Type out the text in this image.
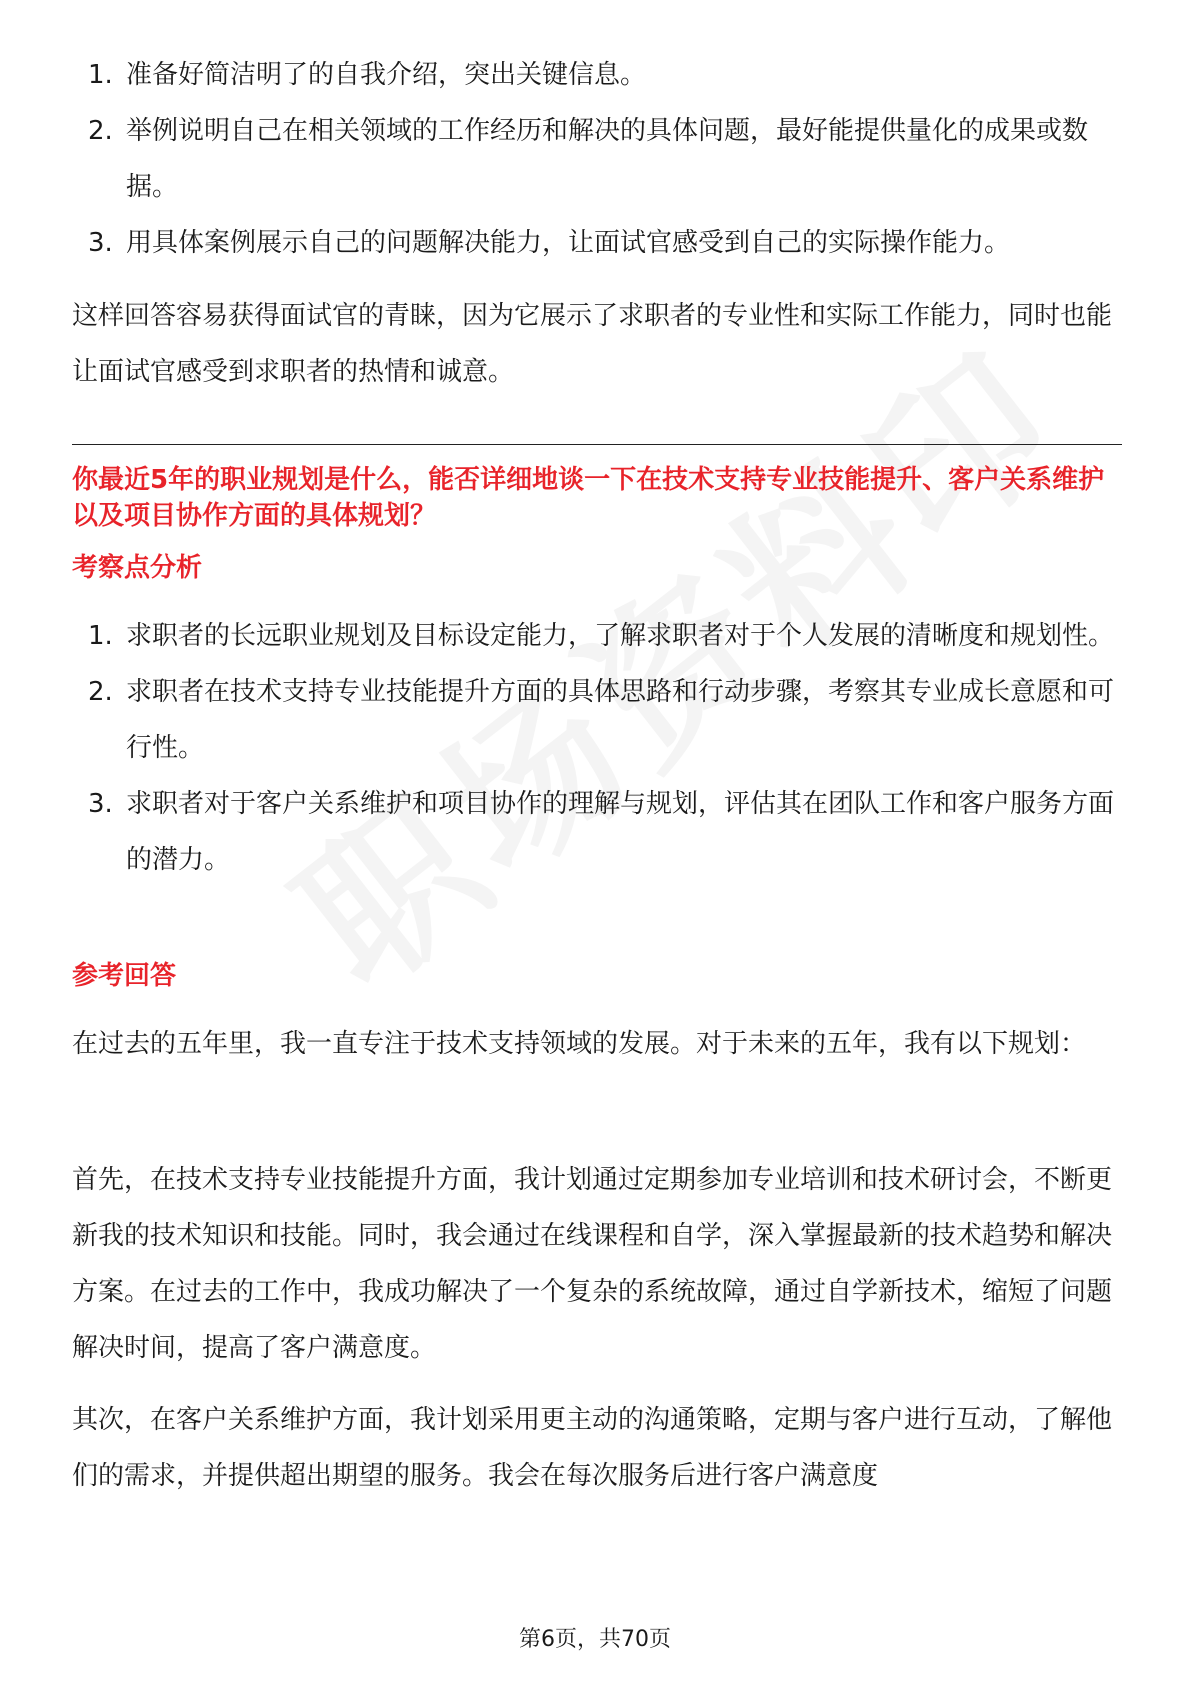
1. 准备好简洁明了的自我介绍，突出关键信息。
2. 举例说明自己在相关领域的工作经历和解决的具体问题，最好能提供量化的成果或数据。
3. 用具体案例展示自己的问题解决能力，让面试官感受到自己的实际操作能力。

这样回答容易获得面试官的青睐，因为它展示了求职者的专业性和实际工作能力，同时也能让面试官感受到求职者的热情和诚意。

你最近5年的职业规划是什么，能否详细地谈一下在技术支持专业技能提升、客户关系维护以及项目协作方面的具体规划？

考察点分析

1. 求职者的长远职业规划及目标设定能力，了解求职者对于个人发展的清晰度和规划性。
2. 求职者在技术支持专业技能提升方面的具体思路和行动步骤，考察其专业成长意愿和可行性。
3. 求职者对于客户关系维护和项目协作的理解与规划，评估其在团队工作和客户服务方面的潜力。

参考回答

在过去的五年里，我一直专注于技术支持领域的发展。对于未来的五年，我有以下规划：

首先，在技术支持专业技能提升方面，我计划通过定期参加专业培训和技术研讨会，不断更新我的技术知识和技能。同时，我会通过在线课程和自学，深入掌握最新的技术趋势和解决方案。在过去的工作中，我成功解决了一个复杂的系统故障，通过自学新技术，缩短了问题解决时间，提高了客户满意度。

其次，在客户关系维护方面，我计划采用更主动的沟通策略，定期与客户进行互动，了解他们的需求，并提供超出期望的服务。我会在每次服务后进行客户满意度

第6页，共70页
